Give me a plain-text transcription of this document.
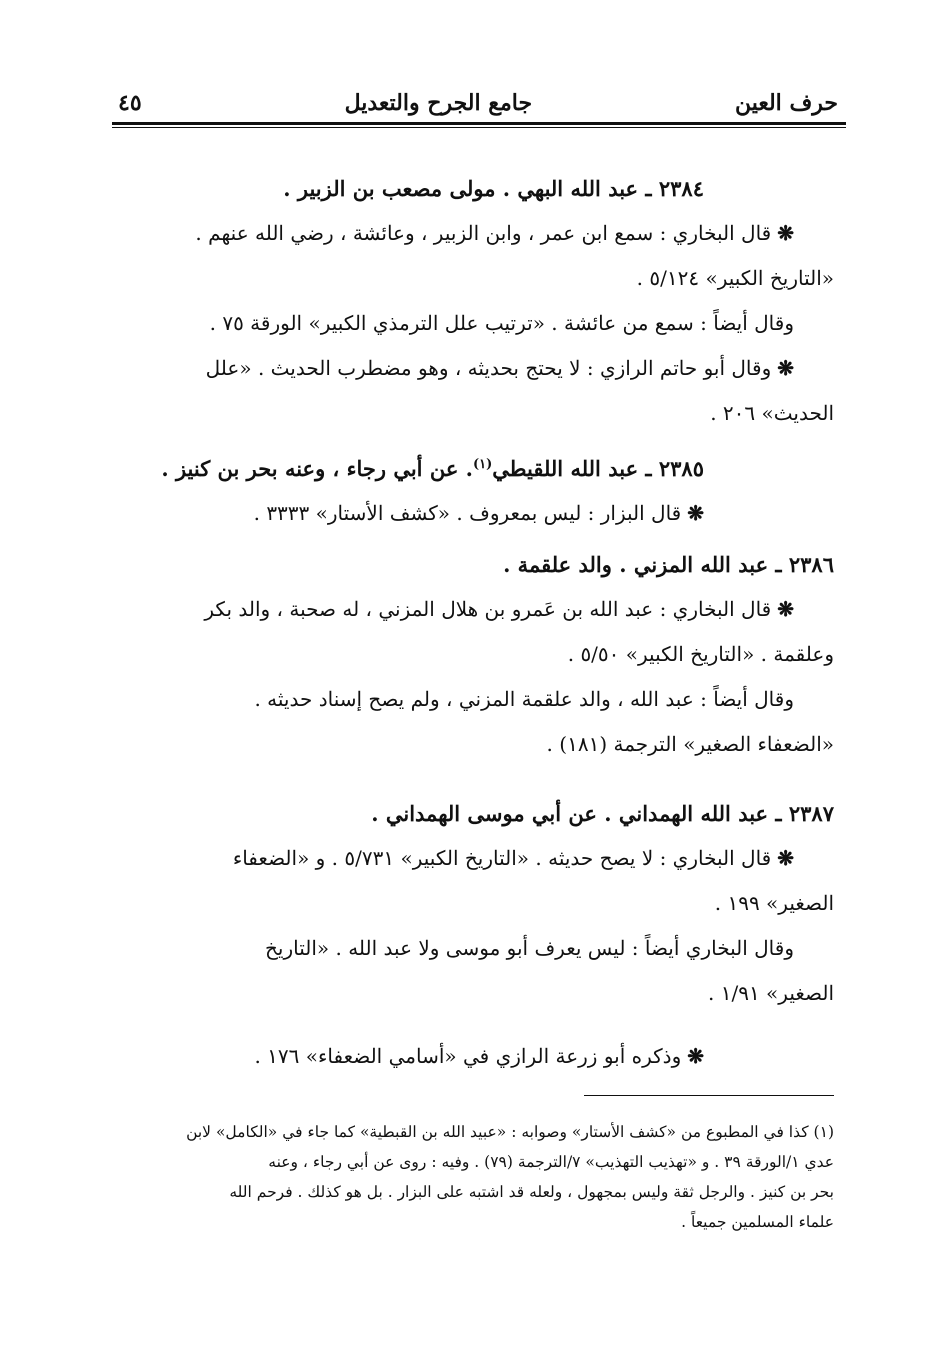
حرف العين
جامع الجرح والتعديل
٤٥
٢٣٨٤ ـ عبد الله البهي . مولى مصعب بن الزبير .
❋قال البخاري : سمع ابن عمر ، وابن الزبير ، وعائشة ، رضي الله عنهم .
«التاريخ الكبير» ٥/١٢٤ .
وقال أيضاً : سمع من عائشة . «ترتيب علل الترمذي الكبير» الورقة ٧٥ .
❋وقال أبو حاتم الرازي : لا يحتج بحديثه ، وهو مضطرب الحديث . «علل
الحديث» ٢٠٦ .
٢٣٨٥ ـ عبد الله اللقيطي$^{(١)}$. عن أبي رجاء ، وعنه بحر بن كنيز .
❋قال البزار : ليس بمعروف . «كشف الأستار» ٣٣٣٣ .
٢٣٨٦ ـ عبد الله المزني . والد علقمة .
❋قال البخاري : عبد الله بن عَمرو بن هلال المزني ، له صحبة ، والد بكر
وعلقمة . «التاريخ الكبير» ٥/٥٠ .
وقال أيضاً : عبد الله ، والد علقمة المزني ، ولم يصح إسناد حديثه .
«الضعفاء الصغير» الترجمة (١٨١) .
٢٣٨٧ ـ عبد الله الهمداني . عن أبي موسى الهمداني .
❋قال البخاري : لا يصح حديثه . «التاريخ الكبير» ٥/٧٣١ . و «الضعفاء
الصغير» ١٩٩ .
وقال البخاري أيضاً : ليس يعرف أبو موسى ولا عبد الله . «التاريخ
الصغير» ١/٩١ .
❋وذكره أبو زرعة الرازي في «أسامي الضعفاء» ١٧٦ .
(١) كذا في المطبوع من «كشف الأستار» وصوابه : «عبيد الله بن القبطية» كما جاء في «الكامل» لابن
عدي ١/الورقة ٣٩ . و «تهذيب التهذيب» ٧/الترجمة (٧٩) . وفيه : روى عن أبي رجاء ، وعنه
بحر بن كنيز . والرجل ثقة وليس بمجهول ، ولعله قد اشتبه على البزار . بل هو كذلك . فرحم الله
علماء المسلمين جميعاً .
